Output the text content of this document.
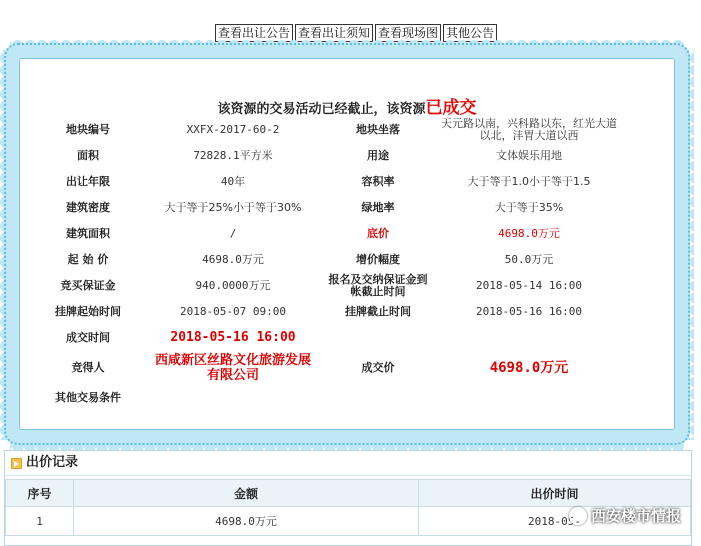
查看出让公告 查看出让须知 查看现场图 其他公告
该资源的交易活动已经截止，该资源已成交
地块编号	XXFX-2017-60-2	地块坐落	天元路以南，兴科路以东，红光大道以北，沣胃大道以西
面积	72828.1平方米	用途	文体娱乐用地
出让年限	40年	容积率	大于等于1.0小于等于1.5
建筑密度	大于等于25%小于等于30%	绿地率	大于等于35%
建筑面积	/	底价	4698.0万元
起 始 价	4698.0万元	增价幅度	50.0万元
竞买保证金	940.0000万元	报名及交纳保证金到帐截止时间	2018-05-14 16:00
挂牌起始时间	2018-05-07 09:00	挂牌截止时间	2018-05-16 16:00
成交时间	2018-05-16 16:00		
竞得人	西咸新区丝路文化旅游发展有限公司	成交价	4698.0万元
其他交易条件			
出价记录
序号	金额	出价时间
1	4698.0万元	2018-05- 西安楼市情报
